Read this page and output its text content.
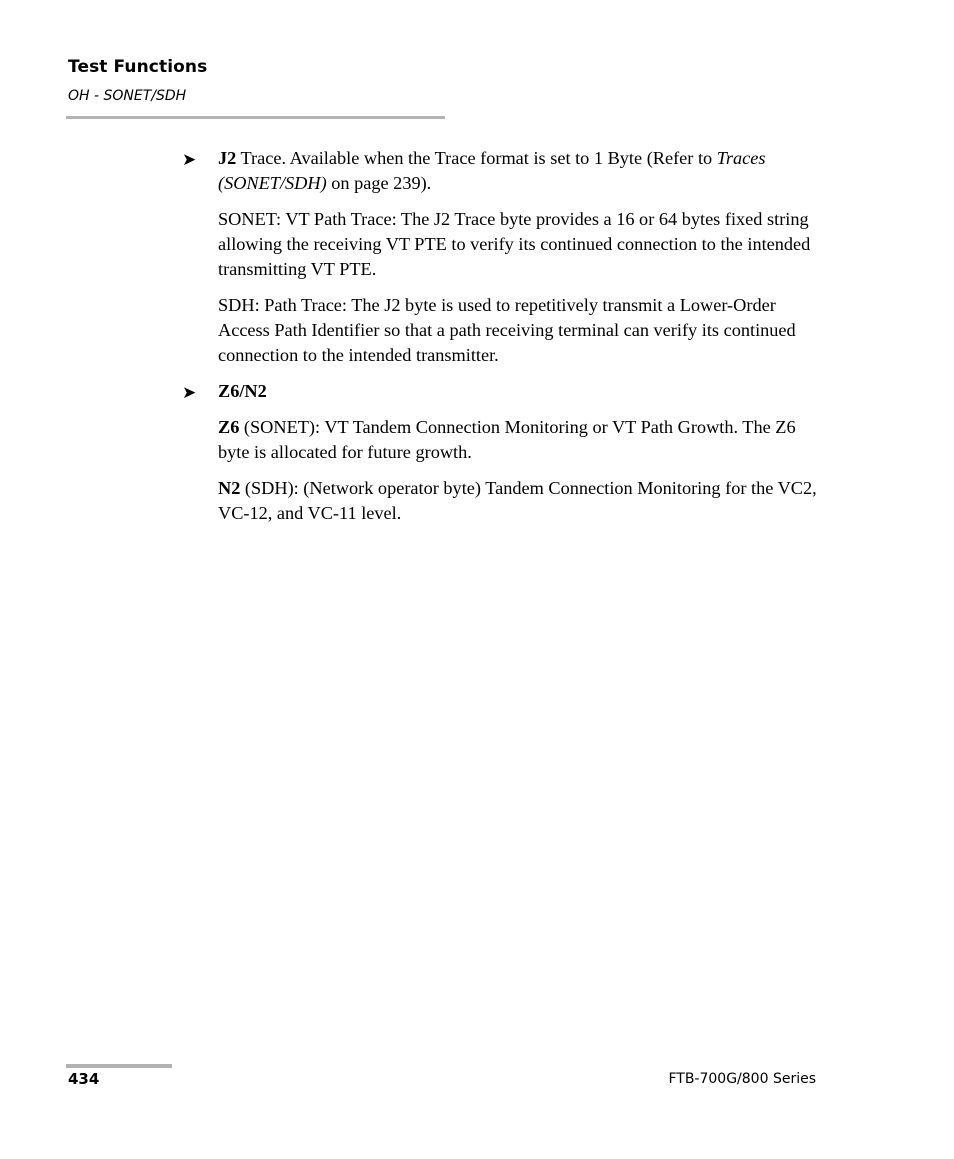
Test Functions
OH - SONET/SDH
➤ J2 Trace. Available when the Trace format is set to 1 Byte (Refer to Traces (SONET/SDH) on page 239).

SONET: VT Path Trace: The J2 Trace byte provides a 16 or 64 bytes fixed string allowing the receiving VT PTE to verify its continued connection to the intended transmitting VT PTE.

SDH: Path Trace: The J2 byte is used to repetitively transmit a Lower-Order Access Path Identifier so that a path receiving terminal can verify its continued connection to the intended transmitter.

➤ Z6/N2

Z6 (SONET): VT Tandem Connection Monitoring or VT Path Growth. The Z6 byte is allocated for future growth.

N2 (SDH): (Network operator byte) Tandem Connection Monitoring for the VC2, VC-12, and VC-11 level.

434	FTB-700G/800 Series
